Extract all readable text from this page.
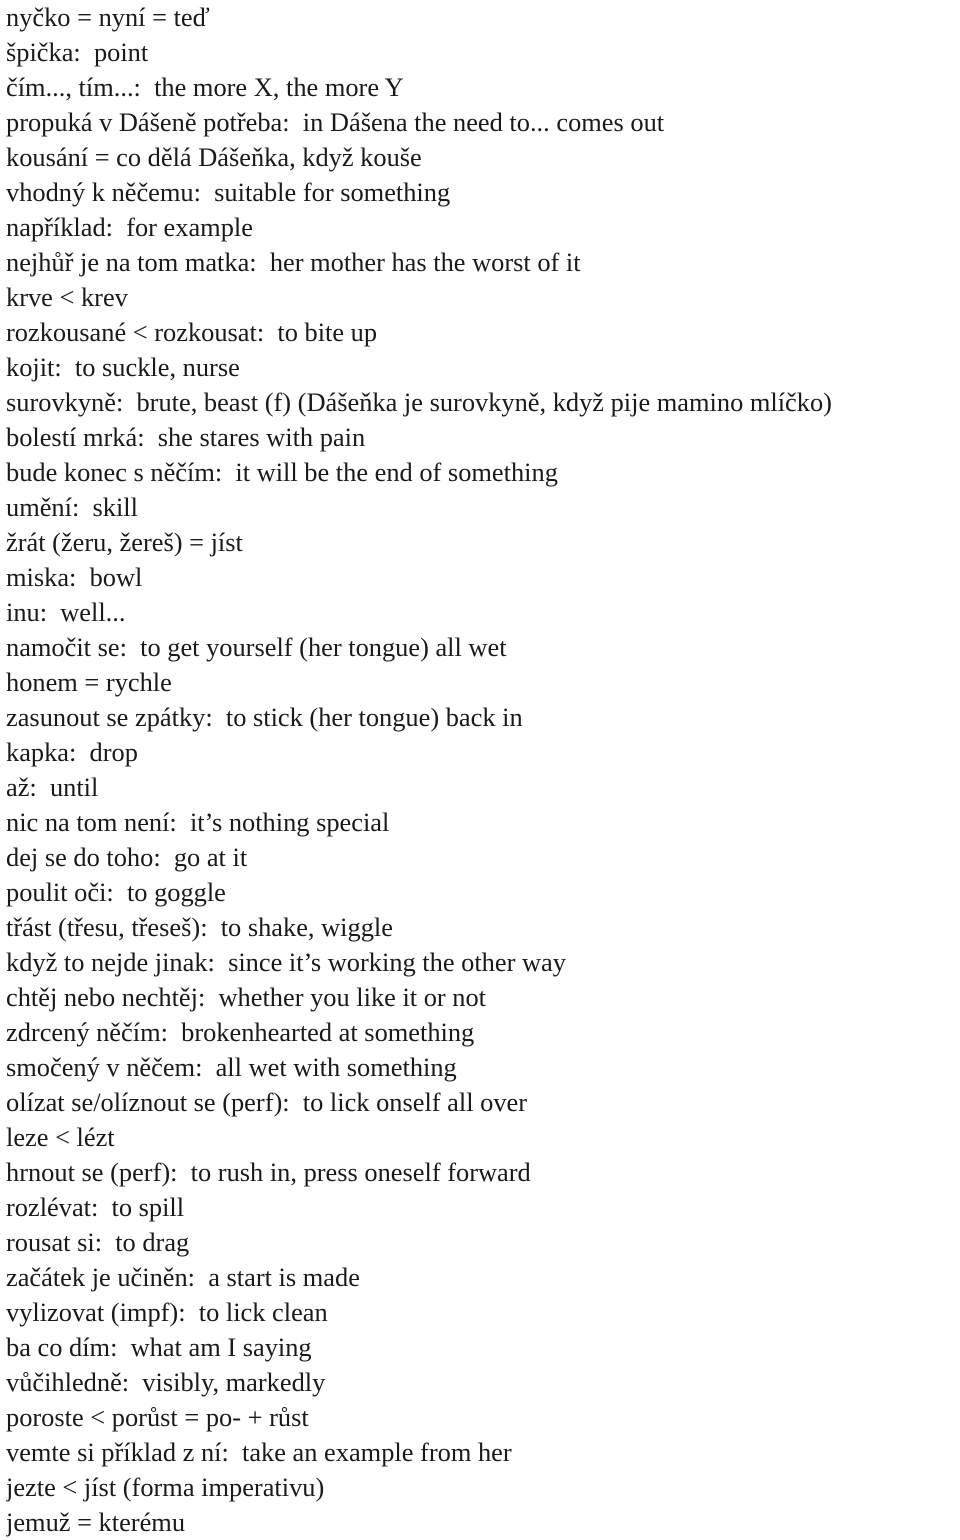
nyčko = nyní = teď
špička:  point
čím..., tím...:  the more X, the more Y
propuká v Dášeně potřeba:  in Dášena the need to... comes out
kousání = co dělá Dášeňka, když kouše
vhodný k něčemu:  suitable for something
například:  for example
nejhůř je na tom matka:  her mother has the worst of it
krve < krev
rozkousané < rozkousat:  to bite up
kojit:  to suckle, nurse
surovkyně:  brute, beast (f) (Dášeňka je surovkyně, když pije mamino mlíčko)
bolestí mrká:  she stares with pain
bude konec s něčím:  it will be the end of something
umění:  skill
žrát (žeru, žereš) = jíst
miska:  bowl
inu:  well...
namočit se:  to get yourself (her tongue) all wet
honem = rychle
zasunout se zpátky:  to stick (her tongue) back in
kapka:  drop
až:  until
nic na tom není:  it’s nothing special
dej se do toho:  go at it
poulit oči:  to goggle
třást (třesu, třeseš):  to shake, wiggle
když to nejde jinak:  since it’s working the other way
chtěj nebo nechtěj:  whether you like it or not
zdrcený něčím:  brokenhearted at something
smočený v něčem:  all wet with something
olízat se/olíznout se (perf):  to lick onself all over
leze < lézt
hrnout se (perf):  to rush in, press oneself forward
rozlévat:  to spill
rousat si:  to drag
začátek je učiněn:  a start is made
vylizovat (impf):  to lick clean
ba co dím:  what am I saying
vůčihledně:  visibly, markedly
poroste < porůst = po- + růst
vemte si příklad z ní:  take an example from her
jezte < jíst (forma imperativu)
jemuž = kterému
